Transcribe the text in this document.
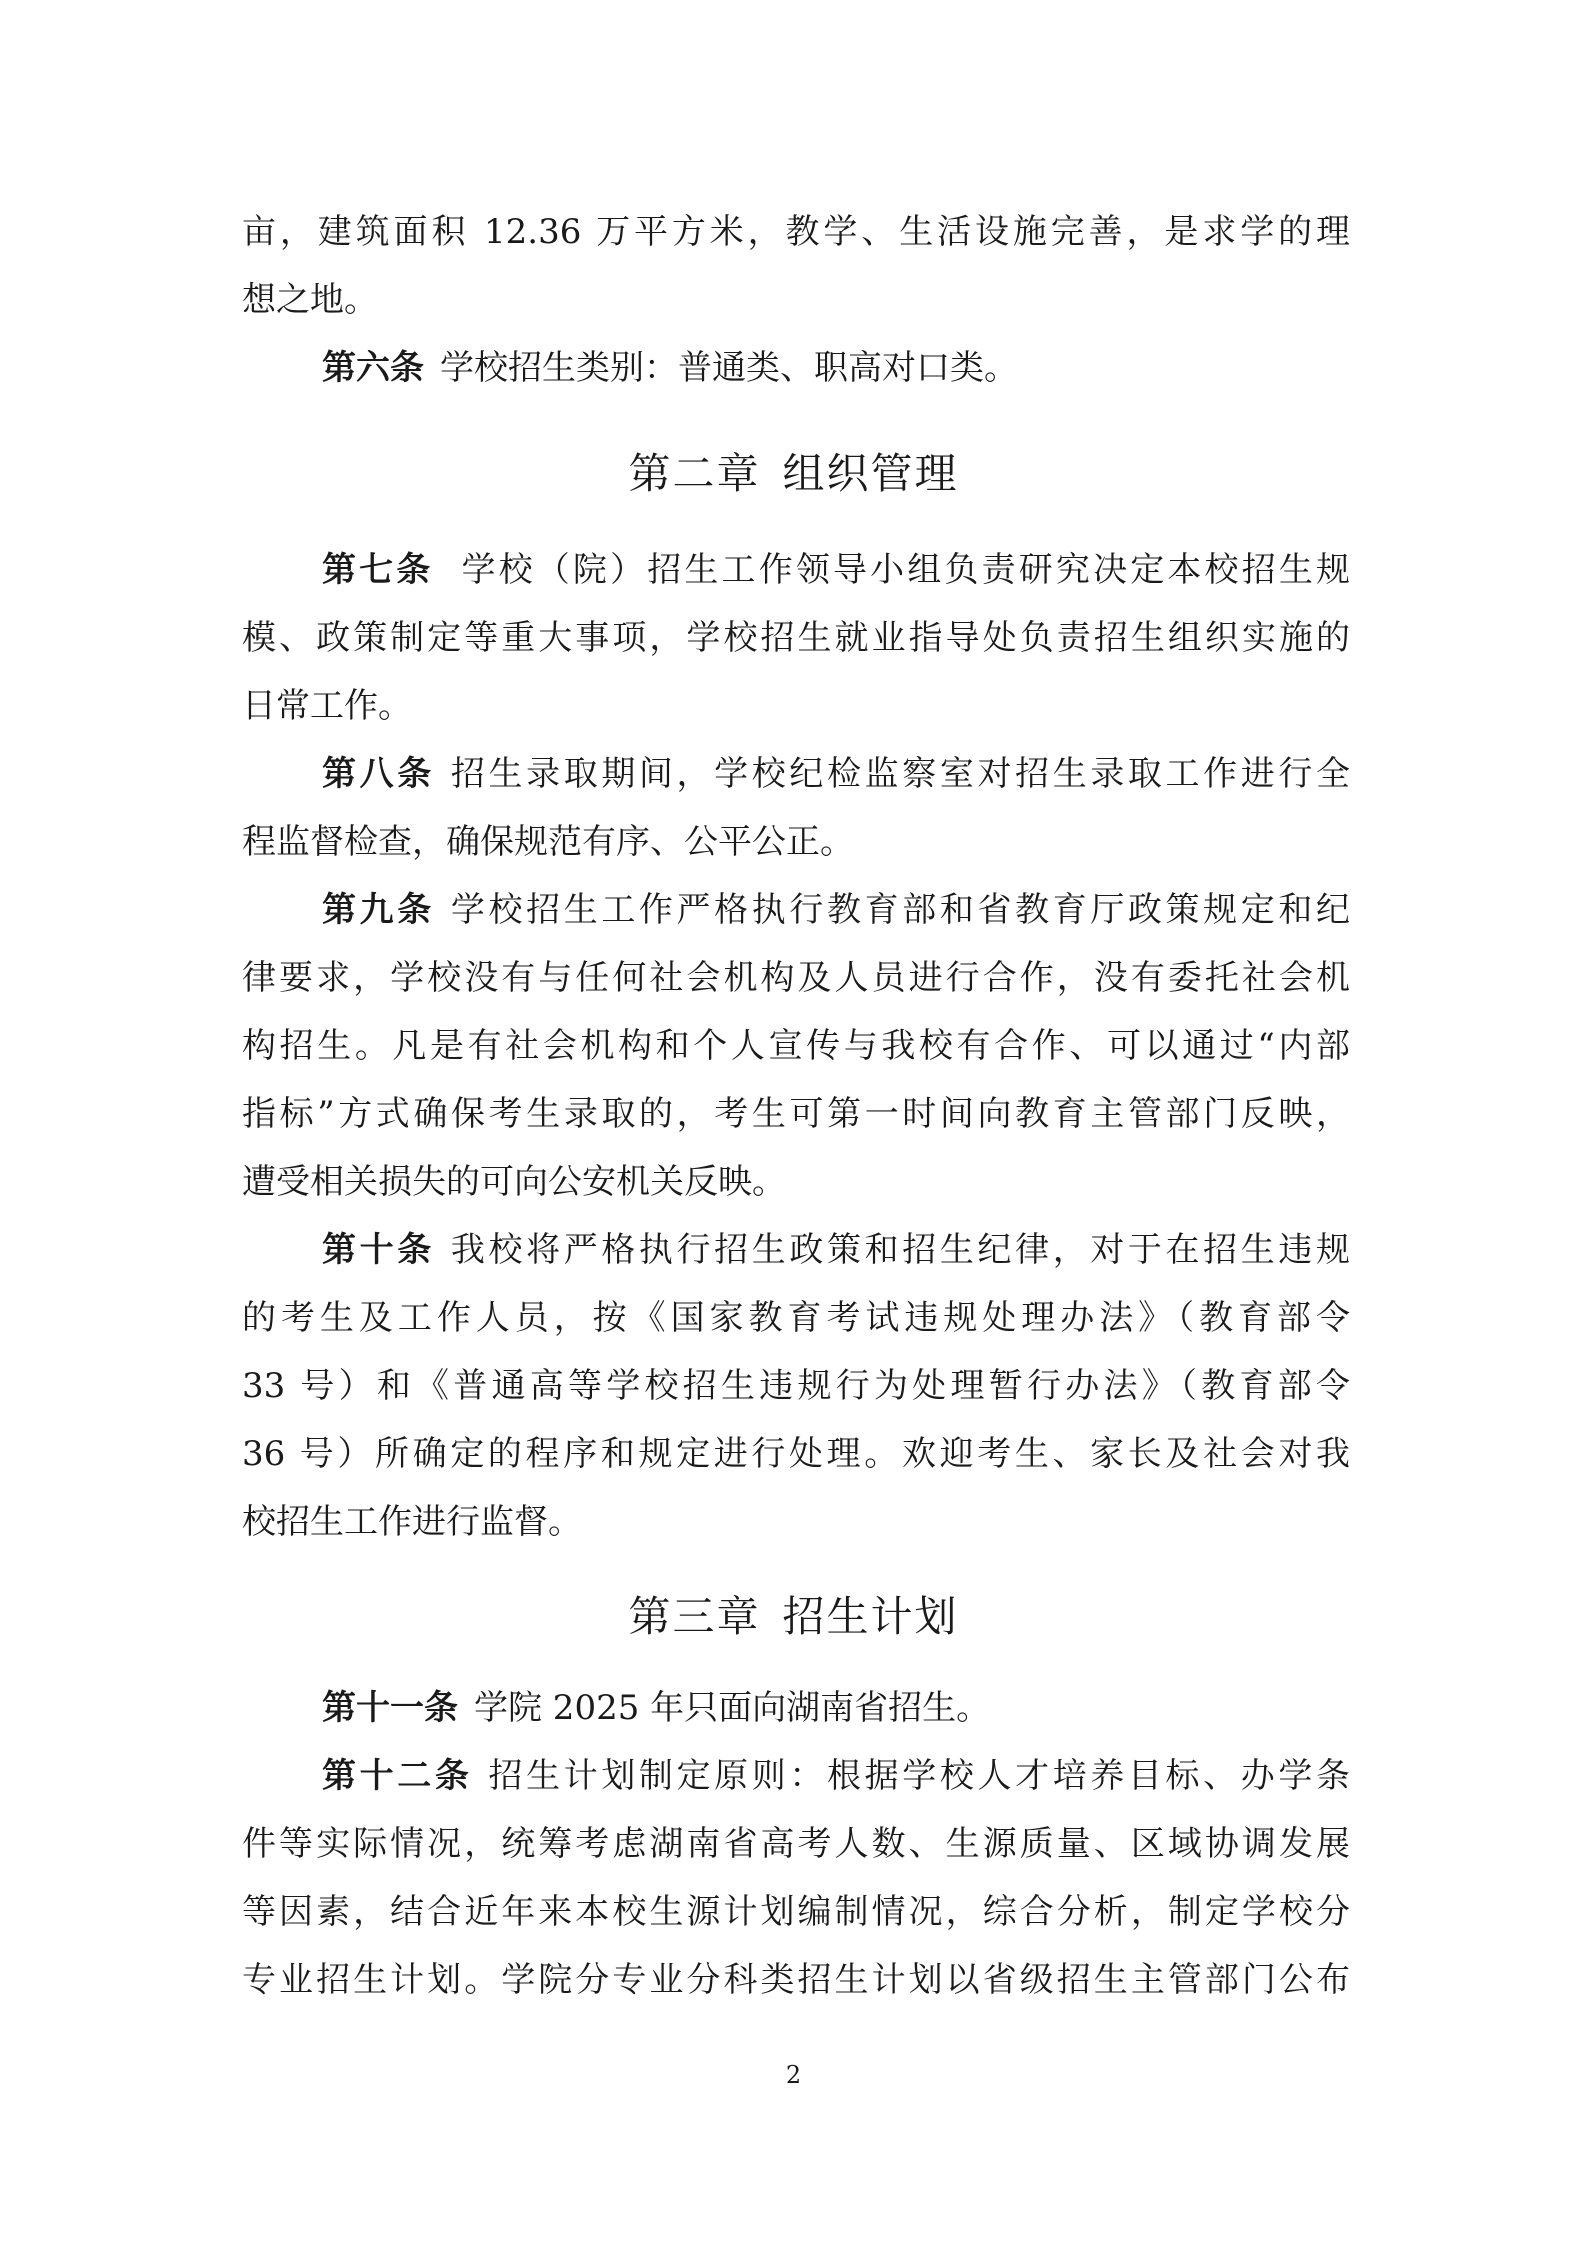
亩，建筑面积 12.36 万平方米，教学、生活设施完善，是求学的理
想之地。
第六条 学校招生类别：普通类、职高对口类。
第二章 组织管理
第七条 学校（院）招生工作领导小组负责研究决定本校招生规
模、政策制定等重大事项，学校招生就业指导处负责招生组织实施的
日常工作。
第八条 招生录取期间，学校纪检监察室对招生录取工作进行全
程监督检查，确保规范有序、公平公正。
第九条 学校招生工作严格执行教育部和省教育厅政策规定和纪
律要求，学校没有与任何社会机构及人员进行合作，没有委托社会机
构招生。凡是有社会机构和个人宣传与我校有合作、可以通过“内部
指标”方式确保考生录取的，考生可第一时间向教育主管部门反映，
遭受相关损失的可向公安机关反映。
第十条 我校将严格执行招生政策和招生纪律，对于在招生违规
的考生及工作人员，按《国家教育考试违规处理办法》（教育部令
33 号）和《普通高等学校招生违规行为处理暂行办法》（教育部令
36 号）所确定的程序和规定进行处理。欢迎考生、家长及社会对我
校招生工作进行监督。
第三章 招生计划
第十一条 学院 2025 年只面向湖南省招生。
第十二条 招生计划制定原则：根据学校人才培养目标、办学条
件等实际情况，统筹考虑湖南省高考人数、生源质量、区域协调发展
等因素，结合近年来本校生源计划编制情况，综合分析，制定学校分
专业招生计划。学院分专业分科类招生计划以省级招生主管部门公布
2
